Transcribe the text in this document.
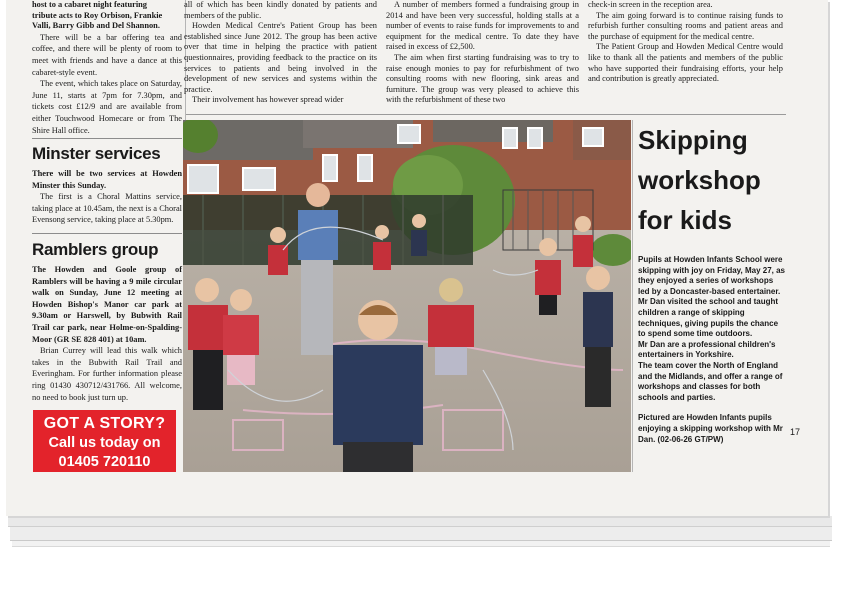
host to a cabaret night featuring

tribute acts to Roy Orbison, Frankie

Valli, Barry Gibb and Del Shannon.

There will be a bar offering tea and coffee, and there will be plenty of room to meet with friends and have a dance at this cabaret-style event.

The event, which takes place on Saturday, June 11, starts at 7pm for 7.30pm, and tickets cost £12/9 and are available from either Touchwood Homecare or from The Shire Hall office.

Minster services

There will be two services at Howden Minster this Sunday.

The first is a Choral Mattins service, taking place at 10.45am, the next is a Choral Evensong service, taking place at 5.30pm.

Ramblers group

The Howden and Goole group of Ramblers will be having a 9 mile circular walk on Sunday, June 12 meeting at Howden Bishop's Manor car park at 9.30am or Harswell, by Bubwith Rail Trail car park, near Holme-on-Spalding-Moor (GR SE 828 401) at 10am.

Brian Currey will lead this walk which takes in the Bubwith Rail Trail and Everingham. For further information please ring 01430 430712/431766. All welcome, no need to book just turn up.

GOT A STORY?
Call us today on
01405 720110

all of which has been kindly donated by patients and members of the public.

Howden Medical Centre's Patient Group has been established since June 2012. The group has been active over that time in helping the practice with patient questionnaires, providing feedback to the practice on its services to patients and being involved in the development of new services and systems within the practice.

Their involvement has however spread wider

A number of members formed a fundraising group in 2014 and have been very successful, holding stalls at a number of events to raise funds for improvements to and equipment for the medical centre. To date they have raised in excess of £2,500.

The aim when first starting fundraising was to try to raise enough monies to pay for refurbishment of two consulting rooms with new flooring, sink areas and furniture. The group was very pleased to achieve this with the refurbishment of these two

check-in screen in the reception area.

The aim going forward is to continue raising funds to refurbish further consulting rooms and patient areas and the purchase of equipment for the medical centre.

The Patient Group and Howden Medical Centre would like to thank all the patients and members of the public who have supported their fundraising efforts, your help and contribution is greatly appreciated.

Skipping
workshop
for kids

Pupils at Howden Infants School were skipping with joy on Friday, May 27, as they enjoyed a series of workshops led by a Doncaster-based entertainer.

Mr Dan visited the school and taught children a range of skipping techniques, giving pupils the chance to spend some time outdoors.

Mr Dan are a professional children's entertainers in Yorkshire.

The team cover the North of England and the Midlands, and offer a range of workshops and classes for both schools and parties.

Pictured are Howden Infants pupils enjoying a skipping workshop with Mr Dan. (02-06-26 GT/PW)

17
